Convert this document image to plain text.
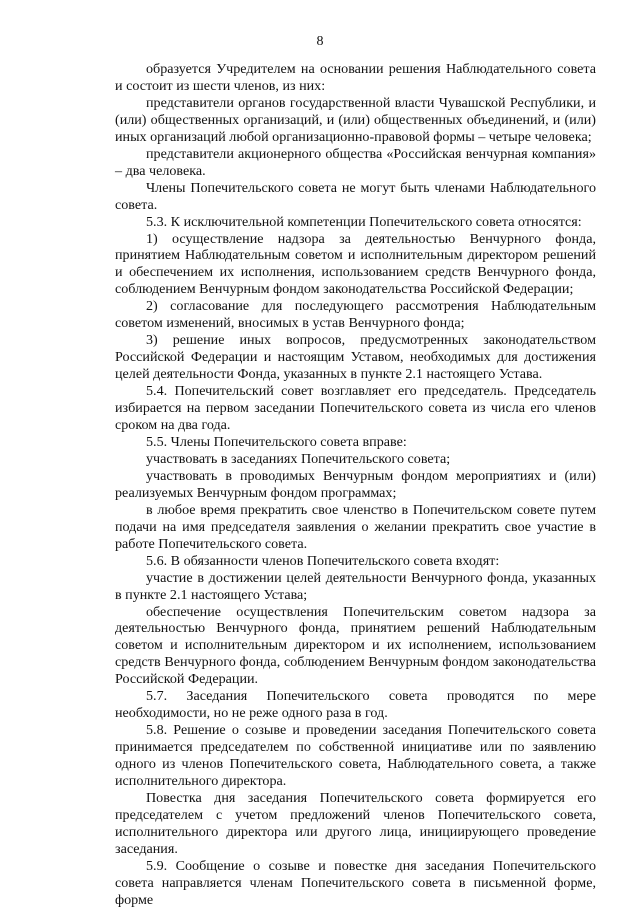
8

образуется Учредителем на основании решения Наблюдательного совета и состоит из шести членов, из них:

представители органов государственной власти Чувашской Республики, и (или) общественных организаций, и (или) общественных объединений, и (или) иных организаций любой организационно-правовой формы – четыре человека;

представители акционерного общества «Российская венчурная компания» – два человека.

Члены Попечительского совета не могут быть членами Наблюдательного совета.

5.3. К исключительной компетенции Попечительского совета относятся:

1) осуществление надзора за деятельностью Венчурного фонда, принятием Наблюдательным советом и исполнительным директором решений и обеспечением их исполнения, использованием средств Венчурного фонда, соблюдением Венчурным фондом законодательства Российской Федерации;

2) согласование для последующего рассмотрения Наблюдательным советом изменений, вносимых в устав Венчурного фонда;

3) решение иных вопросов, предусмотренных законодательством Российской Федерации и настоящим Уставом, необходимых для достижения целей деятельности Фонда, указанных в пункте 2.1 настоящего Устава.

5.4. Попечительский совет возглавляет его председатель. Председатель избирается на первом заседании Попечительского совета из числа его членов сроком на два года.

5.5. Члены Попечительского совета вправе:

участвовать в заседаниях Попечительского совета;

участвовать в проводимых Венчурным фондом мероприятиях и (или) реализуемых Венчурным фондом программах;

в любое время прекратить свое членство в Попечительском совете путем подачи на имя председателя заявления о желании прекратить свое участие в работе Попечительского совета.

5.6. В обязанности членов Попечительского совета входят:

участие в достижении целей деятельности Венчурного фонда, указанных в пункте 2.1 настоящего Устава;

обеспечение осуществления Попечительским советом надзора за деятельностью Венчурного фонда, принятием решений Наблюдательным советом и исполнительным директором и их исполнением, использованием средств Венчурного фонда, соблюдением Венчурным фондом законодательства Российской Федерации.

5.7. Заседания Попечительского совета проводятся по мере необходимости, но не реже одного раза в год.

5.8. Решение о созыве и проведении заседания Попечительского совета принимается председателем по собственной инициативе или по заявлению одного из членов Попечительского совета, Наблюдательного совета, а также исполнительного директора.

Повестка дня заседания Попечительского совета формируется его председателем с учетом предложений членов Попечительского совета, исполнительного директора или другого лица, инициирующего проведение заседания.

5.9. Сообщение о созыве и повестке дня заседания Попечительского совета направляется членам Попечительского совета в письменной форме, форме
